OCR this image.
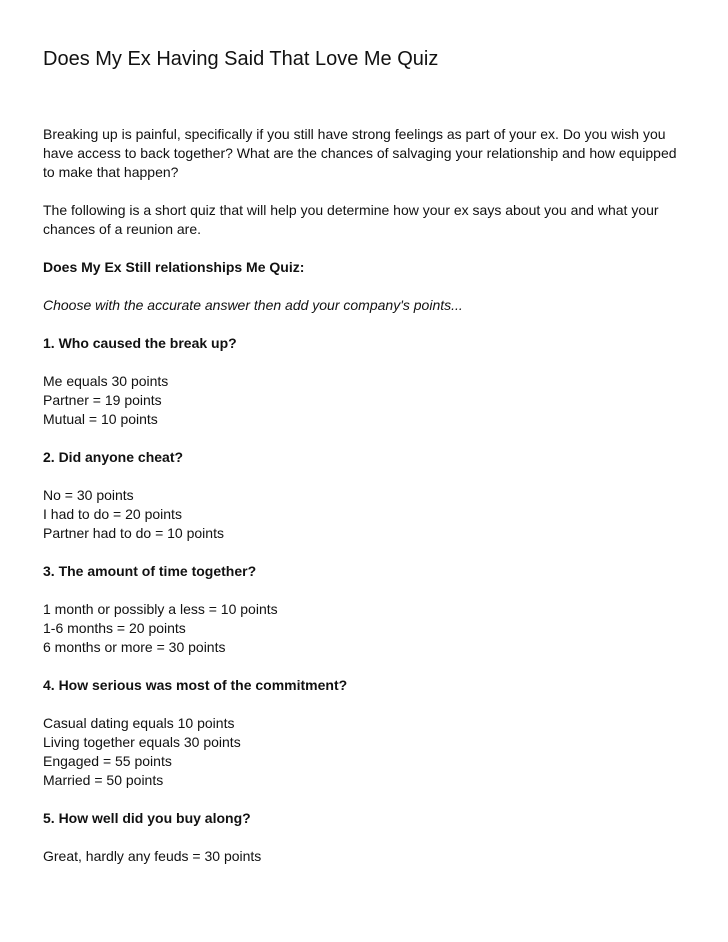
Does My Ex Having Said That Love Me Quiz

Breaking up is painful, specifically if you still have strong feelings as part of your ex. Do you wish you have access to back together? What are the chances of salvaging your relationship and how equipped to make that happen?

The following is a short quiz that will help you determine how your ex says about you and what your chances of a reunion are.

Does My Ex Still relationships Me Quiz:

Choose with the accurate answer then add your company's points...

1. Who caused the break up?

Me equals 30 points
Partner = 19 points
Mutual = 10 points

2. Did anyone cheat?

No = 30 points
I had to do = 20 points
Partner had to do = 10 points

3. The amount of time together?

1 month or possibly a less = 10 points
1-6 months = 20 points
6 months or more = 30 points

4. How serious was most of the commitment?

Casual dating equals 10 points
Living together equals 30 points
Engaged = 55 points
Married = 50 points

5. How well did you buy along?

Great, hardly any feuds = 30 points
